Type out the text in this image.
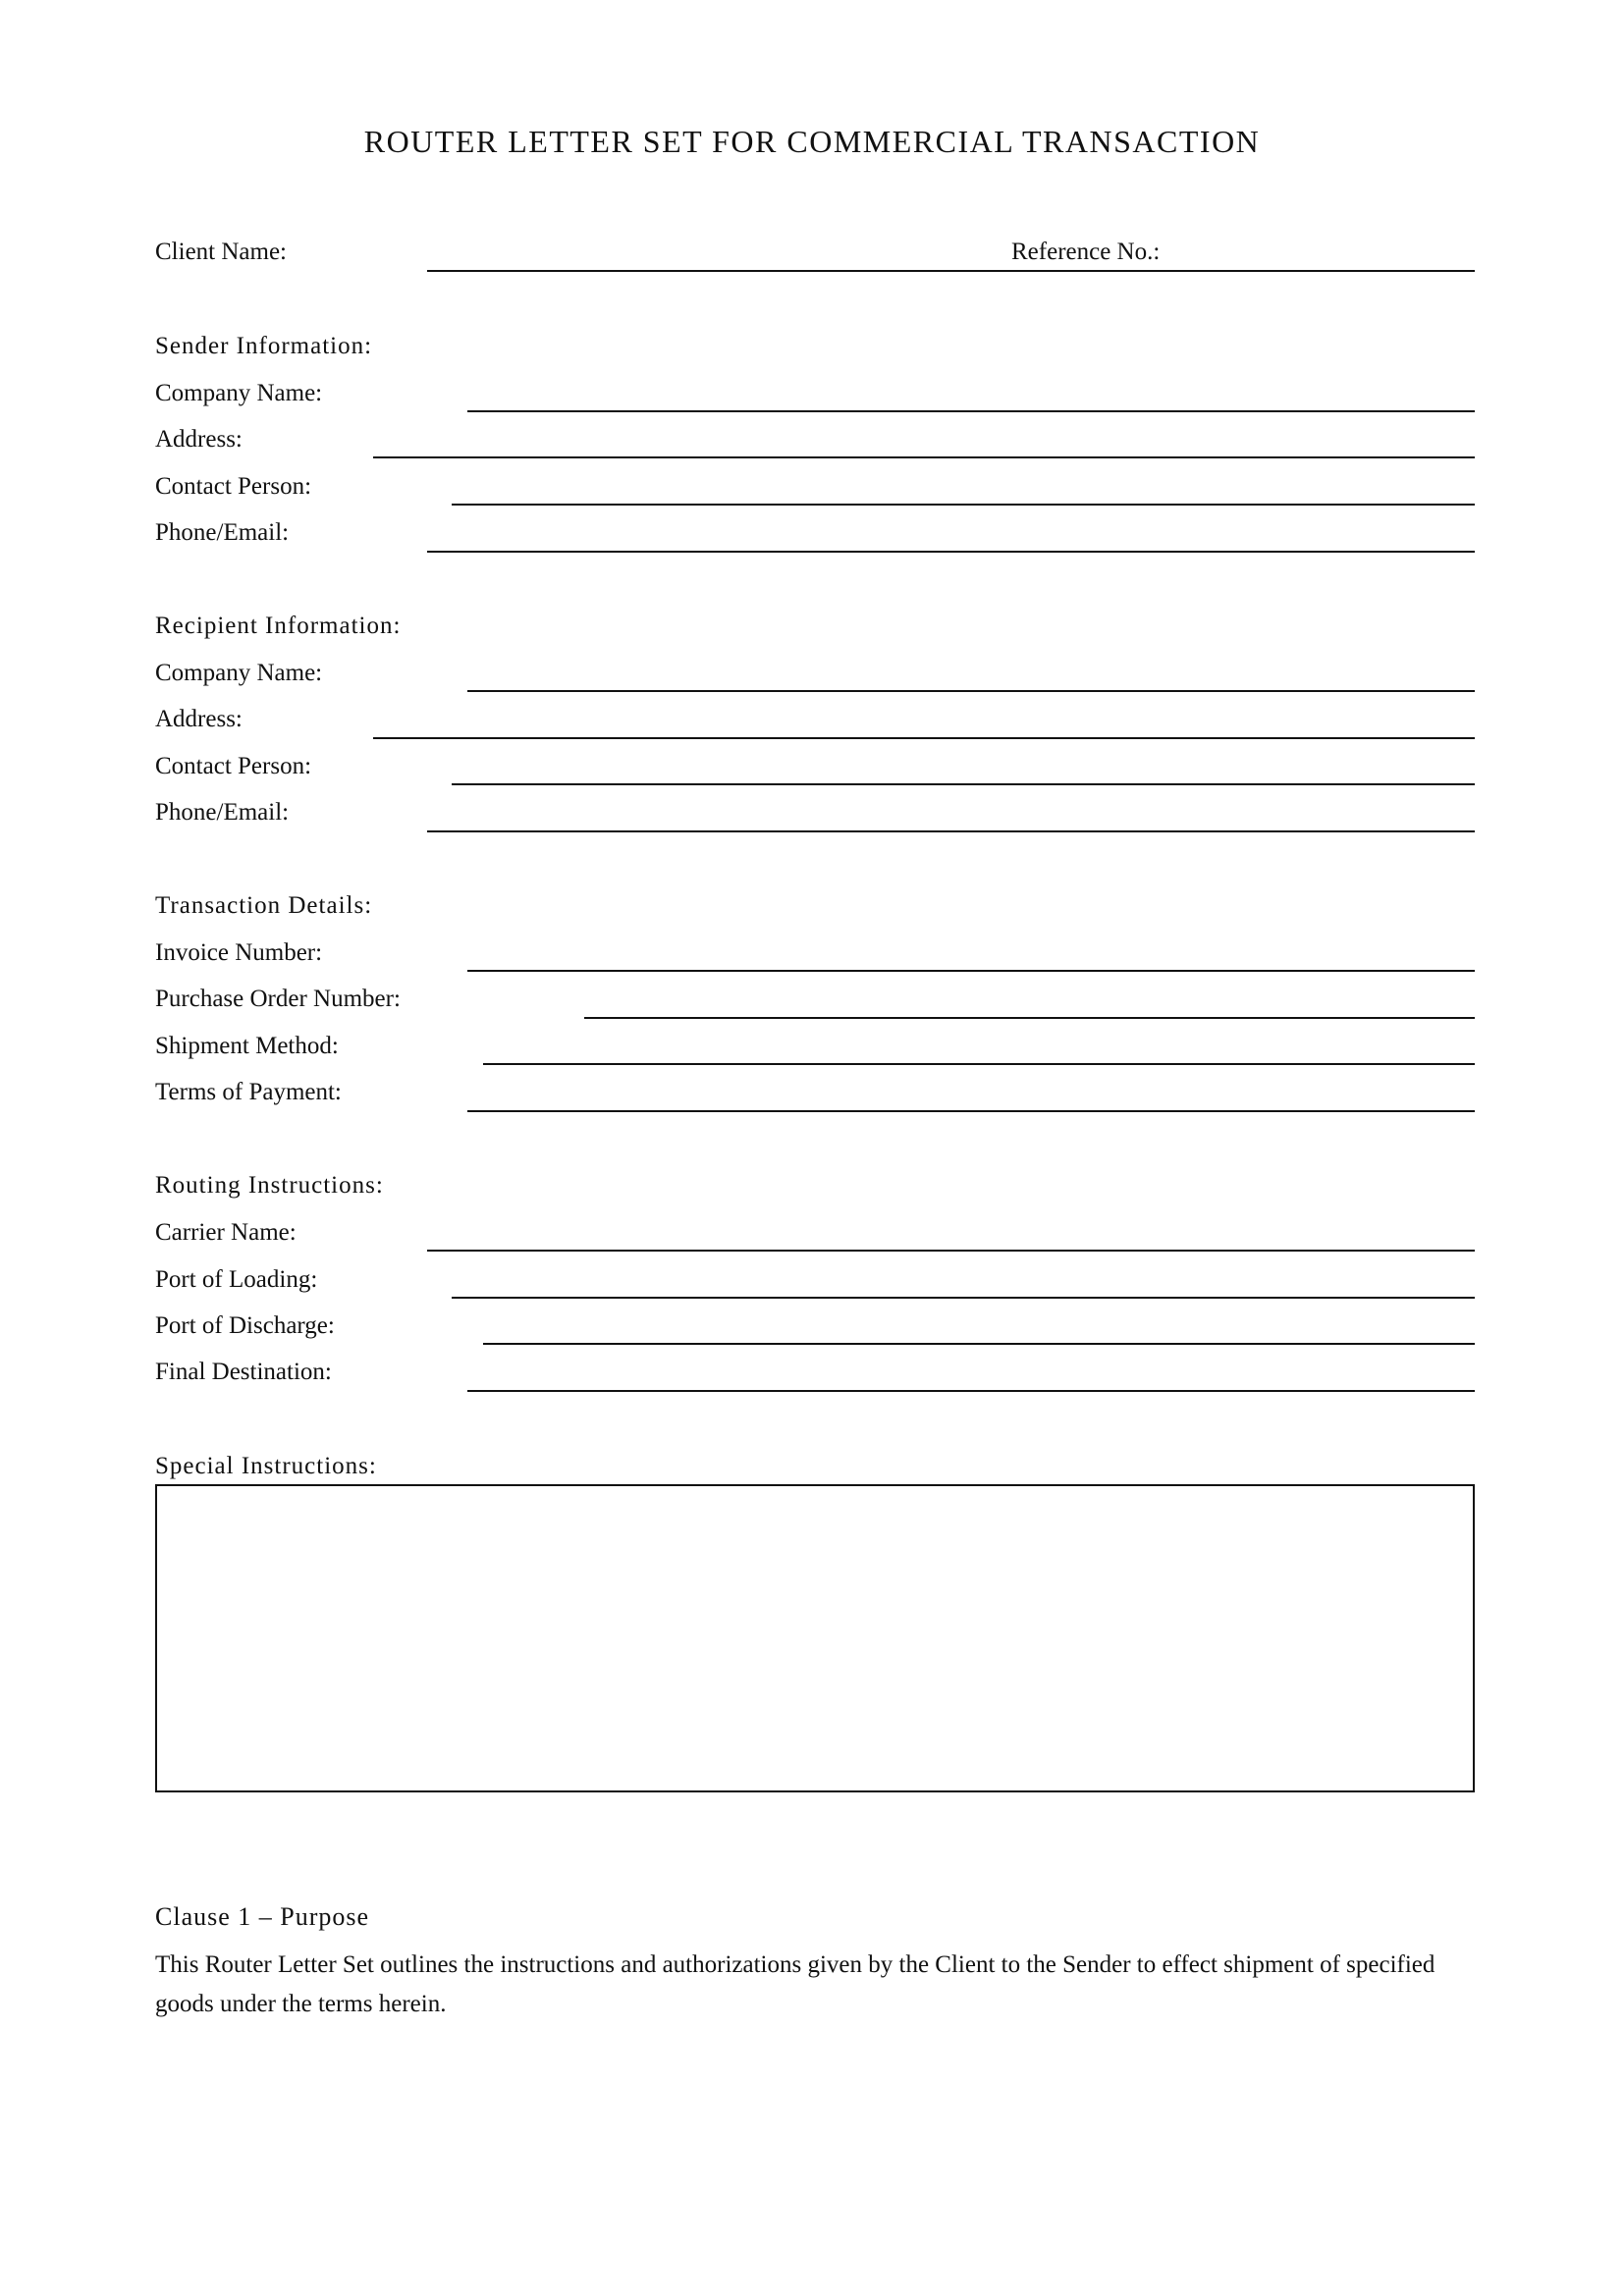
ROUTER LETTER SET FOR COMMERCIAL TRANSACTION
Client Name:	Reference No.:
Sender Information:
Company Name:
Address:
Contact Person:
Phone/Email:
Recipient Information:
Company Name:
Address:
Contact Person:
Phone/Email:
Transaction Details:
Invoice Number:
Purchase Order Number:
Shipment Method:
Terms of Payment:
Routing Instructions:
Carrier Name:
Port of Loading:
Port of Discharge:
Final Destination:
Special Instructions:
Clause 1 – Purpose

This Router Letter Set outlines the instructions and authorizations given by the Client to the Sender to effect shipment of specified goods under the terms herein.
